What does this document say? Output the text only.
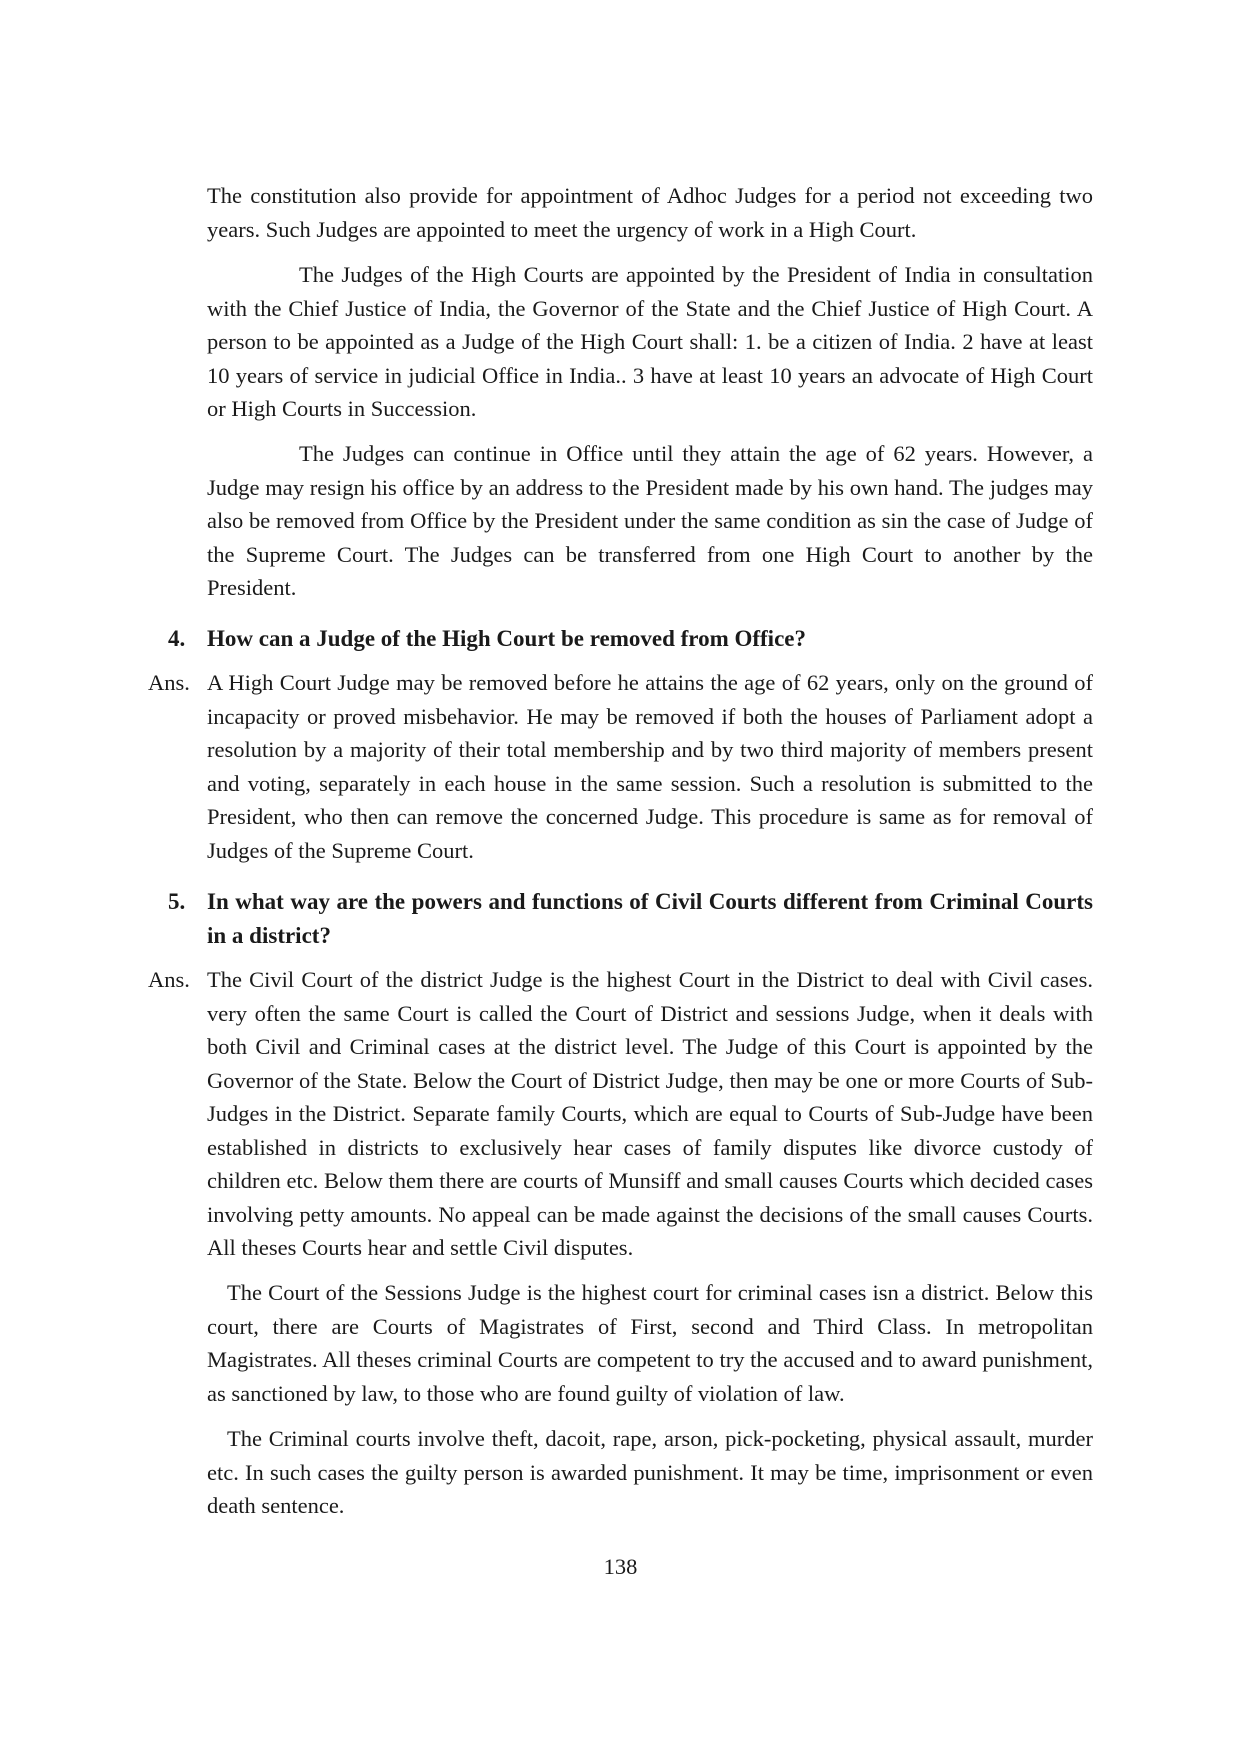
The constitution also provide for appointment of Adhoc Judges for a period not exceeding two years. Such Judges are appointed to meet the urgency of work in a High Court.

The Judges of the High Courts are appointed by the President of India in consultation with the Chief Justice of India, the Governor of the State and the Chief Justice of High Court. A person to be appointed as a Judge of the High Court shall: 1. be a citizen of India. 2 have at least 10 years of service in judicial Office in India.. 3 have at least 10 years an advocate of High Court or High Courts in Succession.

The Judges can continue in Office until they attain the age of 62 years. However, a Judge may resign his office by an address to the President made by his own hand. The judges may also be removed from Office by the President under the same condition as sin the case of Judge of the Supreme Court. The Judges can be transferred from one High Court to another by the President.

4. How can a Judge of the High Court be removed from Office?

Ans. A High Court Judge may be removed before he attains the age of 62 years, only on the ground of incapacity or proved misbehavior. He may be removed if both the houses of Parliament adopt a resolution by a majority of their total membership and by two third majority of members present and voting, separately in each house in the same session. Such a resolution is submitted to the President, who then can remove the concerned Judge. This procedure is same as for removal of Judges of the Supreme Court.

5. In what way are the powers and functions of Civil Courts different from Criminal Courts in a district?

Ans. The Civil Court of the district Judge is the highest Court in the District to deal with Civil cases. very often the same Court is called the Court of District and sessions Judge, when it deals with both Civil and Criminal cases at the district level. The Judge of this Court is appointed by the Governor of the State. Below the Court of District Judge, then may be one or more Courts of Sub-Judges in the District. Separate family Courts, which are equal to Courts of Sub-Judge have been established in districts to exclusively hear cases of family disputes like divorce custody of children etc. Below them there are courts of Munsiff and small causes Courts which decided cases involving petty amounts. No appeal can be made against the decisions of the small causes Courts. All theses Courts hear and settle Civil disputes.

The Court of the Sessions Judge is the highest court for criminal cases isn a district. Below this court, there are Courts of Magistrates of First, second and Third Class. In metropolitan Magistrates. All theses criminal Courts are competent to try the accused and to award punishment, as sanctioned by law, to those who are found guilty of violation of law.

The Criminal courts involve theft, dacoit, rape, arson, pick-pocketing, physical assault, murder etc. In such cases the guilty person is awarded punishment. It may be time, imprisonment or even death sentence.

138
